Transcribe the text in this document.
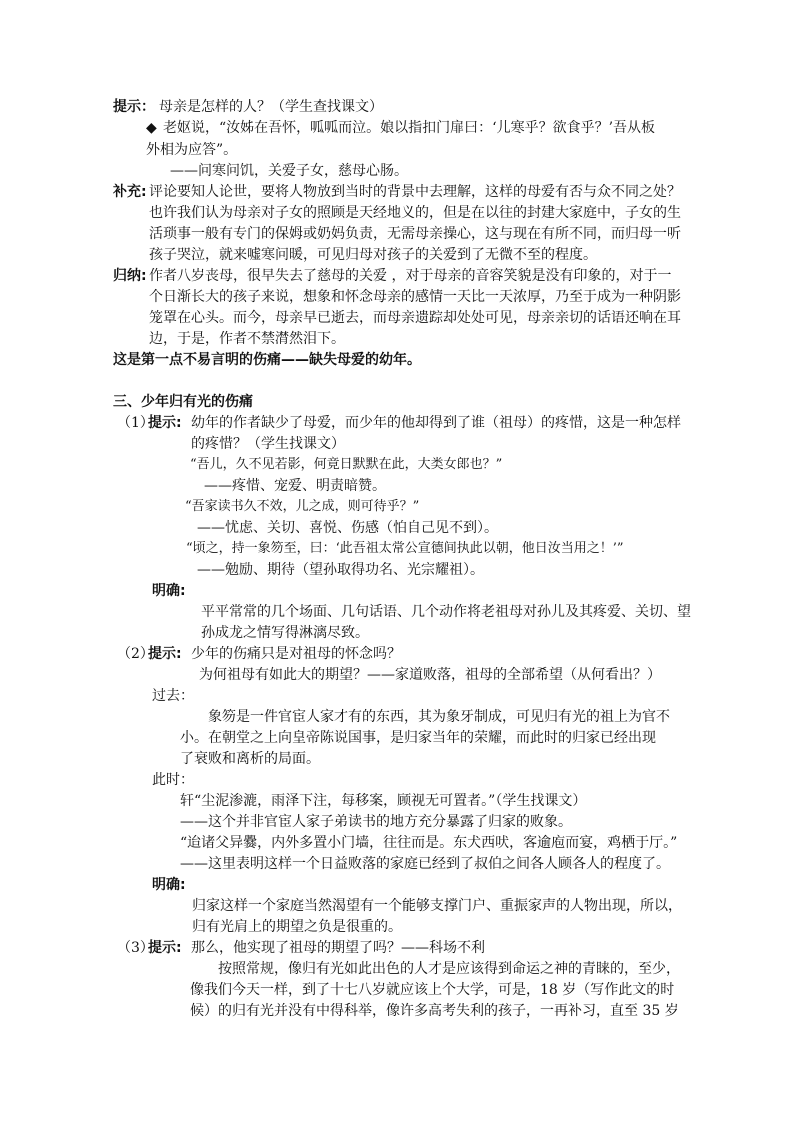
提示： 母亲是怎样的人？（学生查找课文）
◆ 老妪说，“汝姊在吾怀，呱呱而泣。娘以指扣门扉曰：‘儿寒乎？欲食乎？’吾从板
外相为应答”。
——问寒问饥，关爱子女，慈母心肠。
补充: 评论要知人论世，要将人物放到当时的背景中去理解，这样的母爱有否与众不同之处？
也许我们认为母亲对子女的照顾是天经地义的，但是在以往的封建大家庭中，子女的生
活琐事一般有专门的保姆或奶妈负责，无需母亲操心，这与现在有所不同，而归母一听
孩子哭泣，就来嘘寒问暖，可见归母对孩子的关爱到了无微不至的程度。
归纳: 作者八岁丧母，很早失去了慈母的关爱 ，对于母亲的音容笑貌是没有印象的，对于一
个日渐长大的孩子来说，想象和怀念母亲的感情一天比一天浓厚，乃至于成为一种阴影
笼罩在心头。而今，母亲早已逝去，而母亲遗踪却处处可见，母亲亲切的话语还响在耳
边，于是，作者不禁潸然泪下。
这是第一点不易言明的伤痛——缺失母爱的幼年。
三、少年归有光的伤痛
（1）
提示: 幼年的作者缺少了母爱，而少年的他却得到了谁（祖母）的疼惜，这是一种怎样
的疼惜？（学生找课文）
“吾儿，久不见若影，何竟日默默在此，大类女郎也？”
——疼惜、宠爱、明责暗赞。
“吾家读书久不效，儿之成，则可待乎？”
——忧虑、关切、喜悦、伤感（怕自己见不到）。
“顷之，持一象笏至，曰：‘此吾祖太常公宣德间执此以朝，他日汝当用之！’”
——勉励、期待（望孙取得功名、光宗耀祖）。
明确:
平平常常的几个场面、几句话语、几个动作将老祖母对孙儿及其疼爱、关切、望
孙成龙之情写得淋漓尽致。
（2）
提示: 少年的伤痛只是对祖母的怀念吗？
为何祖母有如此大的期望？——家道败落，祖母的全部希望（从何看出？）
过去：
象笏是一件官宦人家才有的东西，其为象牙制成，可见归有光的祖上为官不
小。在朝堂之上向皇帝陈说国事，是归家当年的荣耀，而此时的归家已经出现
了衰败和离析的局面。
此时：
轩“尘泥渗漉，雨泽下注，每移案，顾视无可置者。”（学生找课文）
——这个并非官宦人家子弟读书的地方充分暴露了归家的败象。
“迨诸父异爨，内外多置小门墙，往往而是。东犬西吠，客逾庖而宴，鸡栖于厅。”
——这里表明这样一个日益败落的家庭已经到了叔伯之间各人顾各人的程度了。
明确:
归家这样一个家庭当然渴望有一个能够支撑门户、重振家声的人物出现，所以，
归有光肩上的期望之负是很重的。
（3）
提示: 那么，他实现了祖母的期望了吗？——科场不利
按照常规，像归有光如此出色的人才是应该得到命运之神的青睐的，至少，
像我们今天一样，到了十七八岁就应该上个大学，可是，18 岁（写作此文的时
候）的归有光并没有中得科举，像许多高考失利的孩子，一再补习，直至 35 岁
